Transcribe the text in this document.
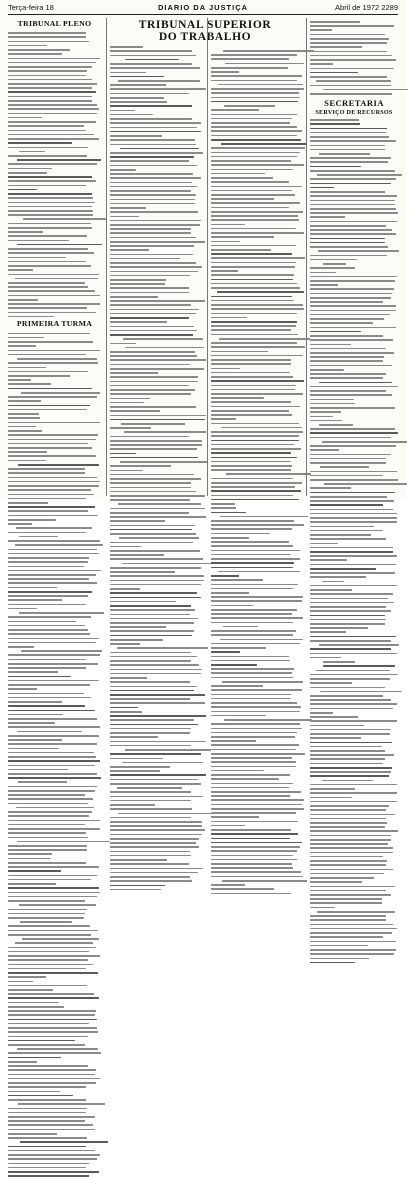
Terça-feira 18	DIARIO DA JUSTIÇA	Abril de 1972 2289
TRIBUNAL PLENO
PRIMEIRA TURMA
TRIBUNAL SUPERIOR
DO TRABALHO
SECRETARIA
SERVIÇO DE RECURSOS
